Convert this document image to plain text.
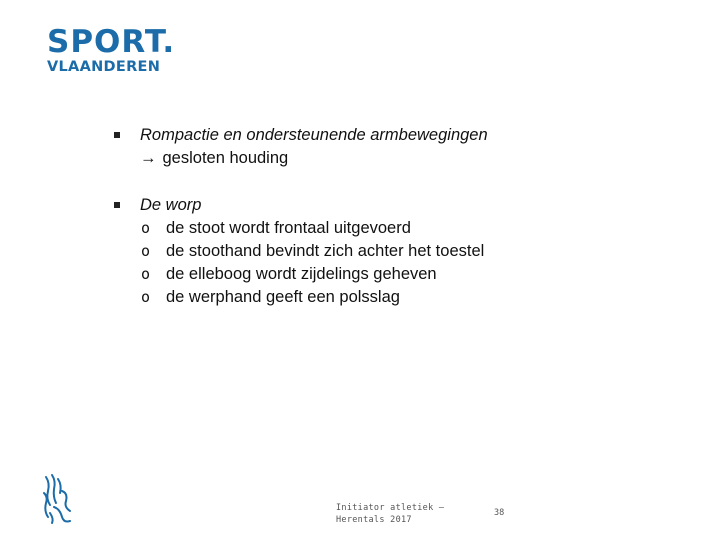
SPORT.
VLAANDEREN
Rompactie en ondersteunende armbewegingen
→ gesloten houding
De worp
o de stoot wordt frontaal uitgevoerd
o de stoothand bevindt zich achter het toestel
o de elleboog wordt zijdelings geheven
o de werphand geeft een polsslag
Initiator atletiek –
Herentals 2017
38
